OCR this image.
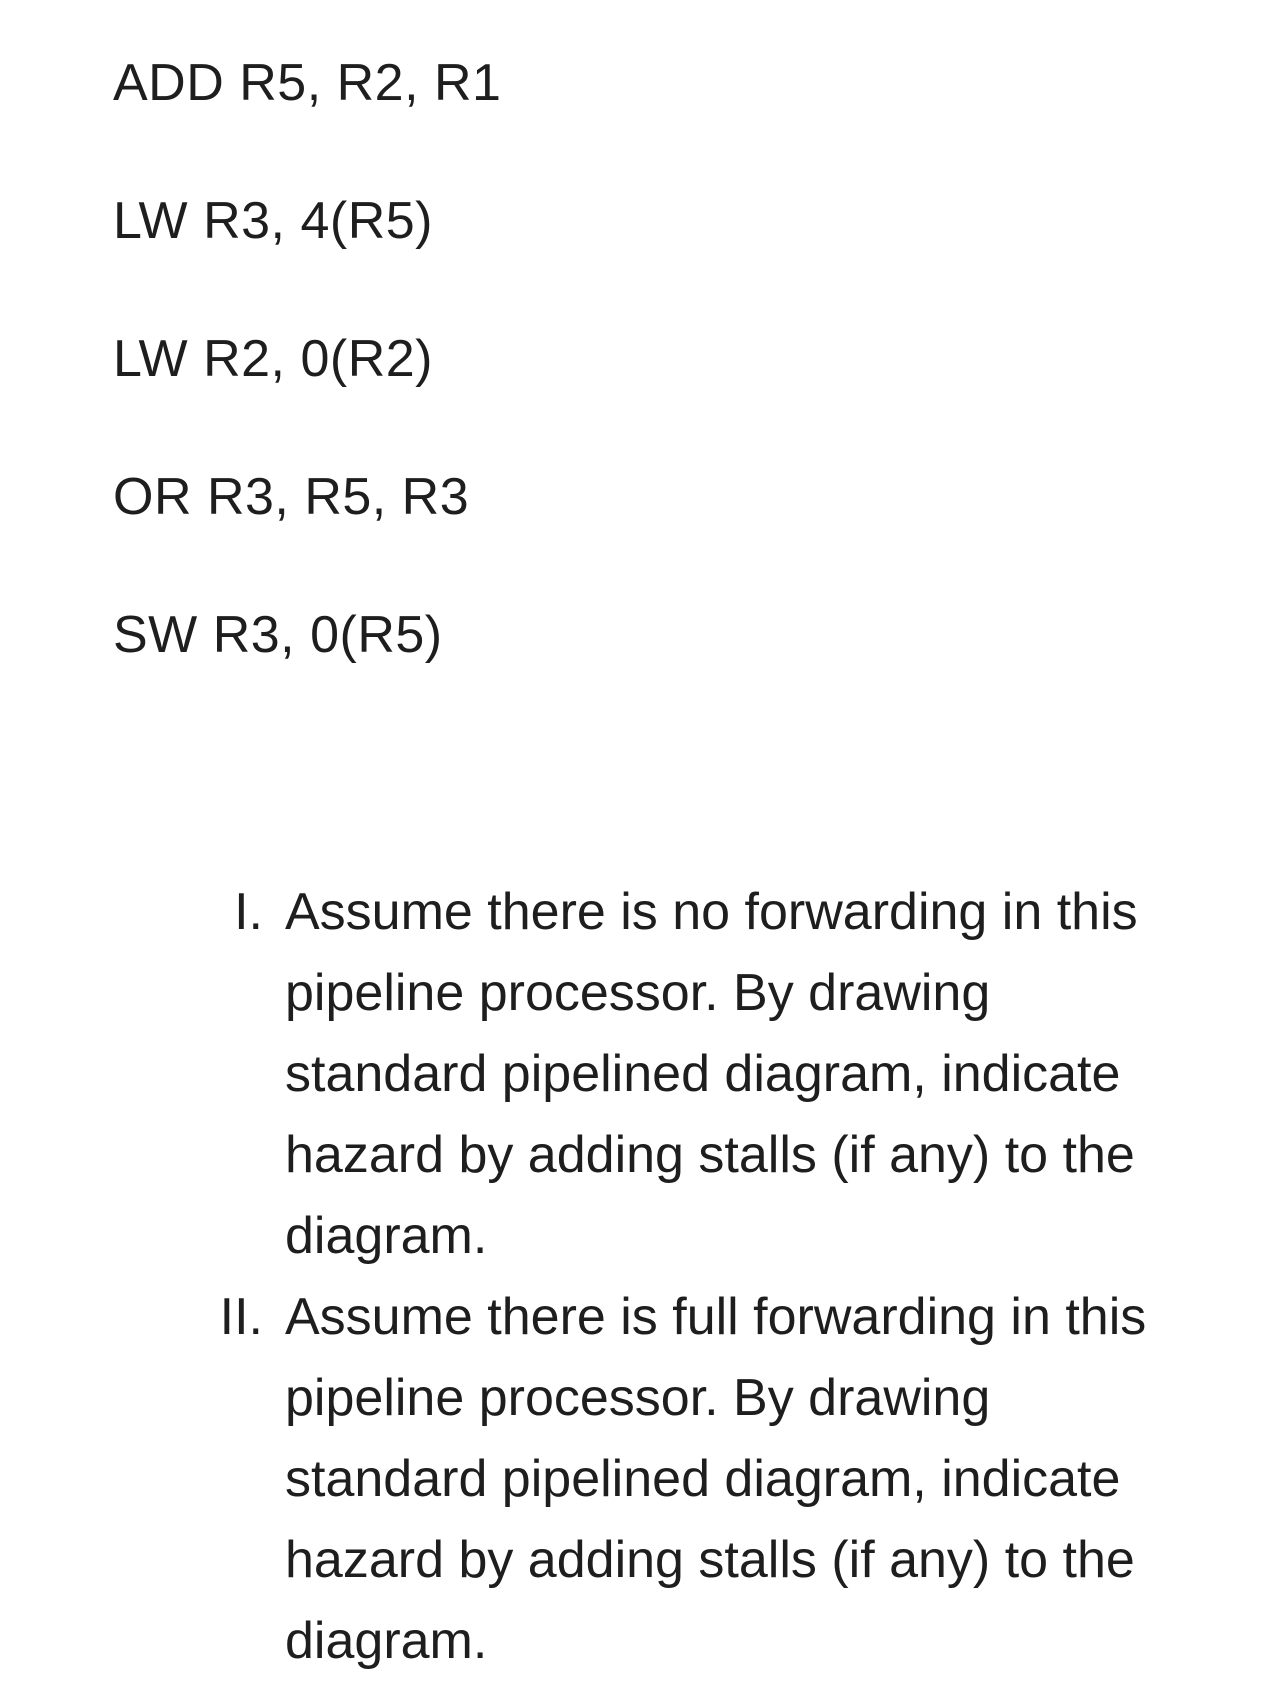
ADD R5, R2, R1
LW R3, 4(R5)
LW R2, 0(R2)
OR R3, R5, R3
SW R3, 0(R5)
I. Assume there is no forwarding in this pipeline processor. By drawing standard pipelined diagram, indicate hazard by adding stalls (if any) to the diagram.
II. Assume there is full forwarding in this pipeline processor. By drawing standard pipelined diagram, indicate hazard by adding stalls (if any) to the diagram.
